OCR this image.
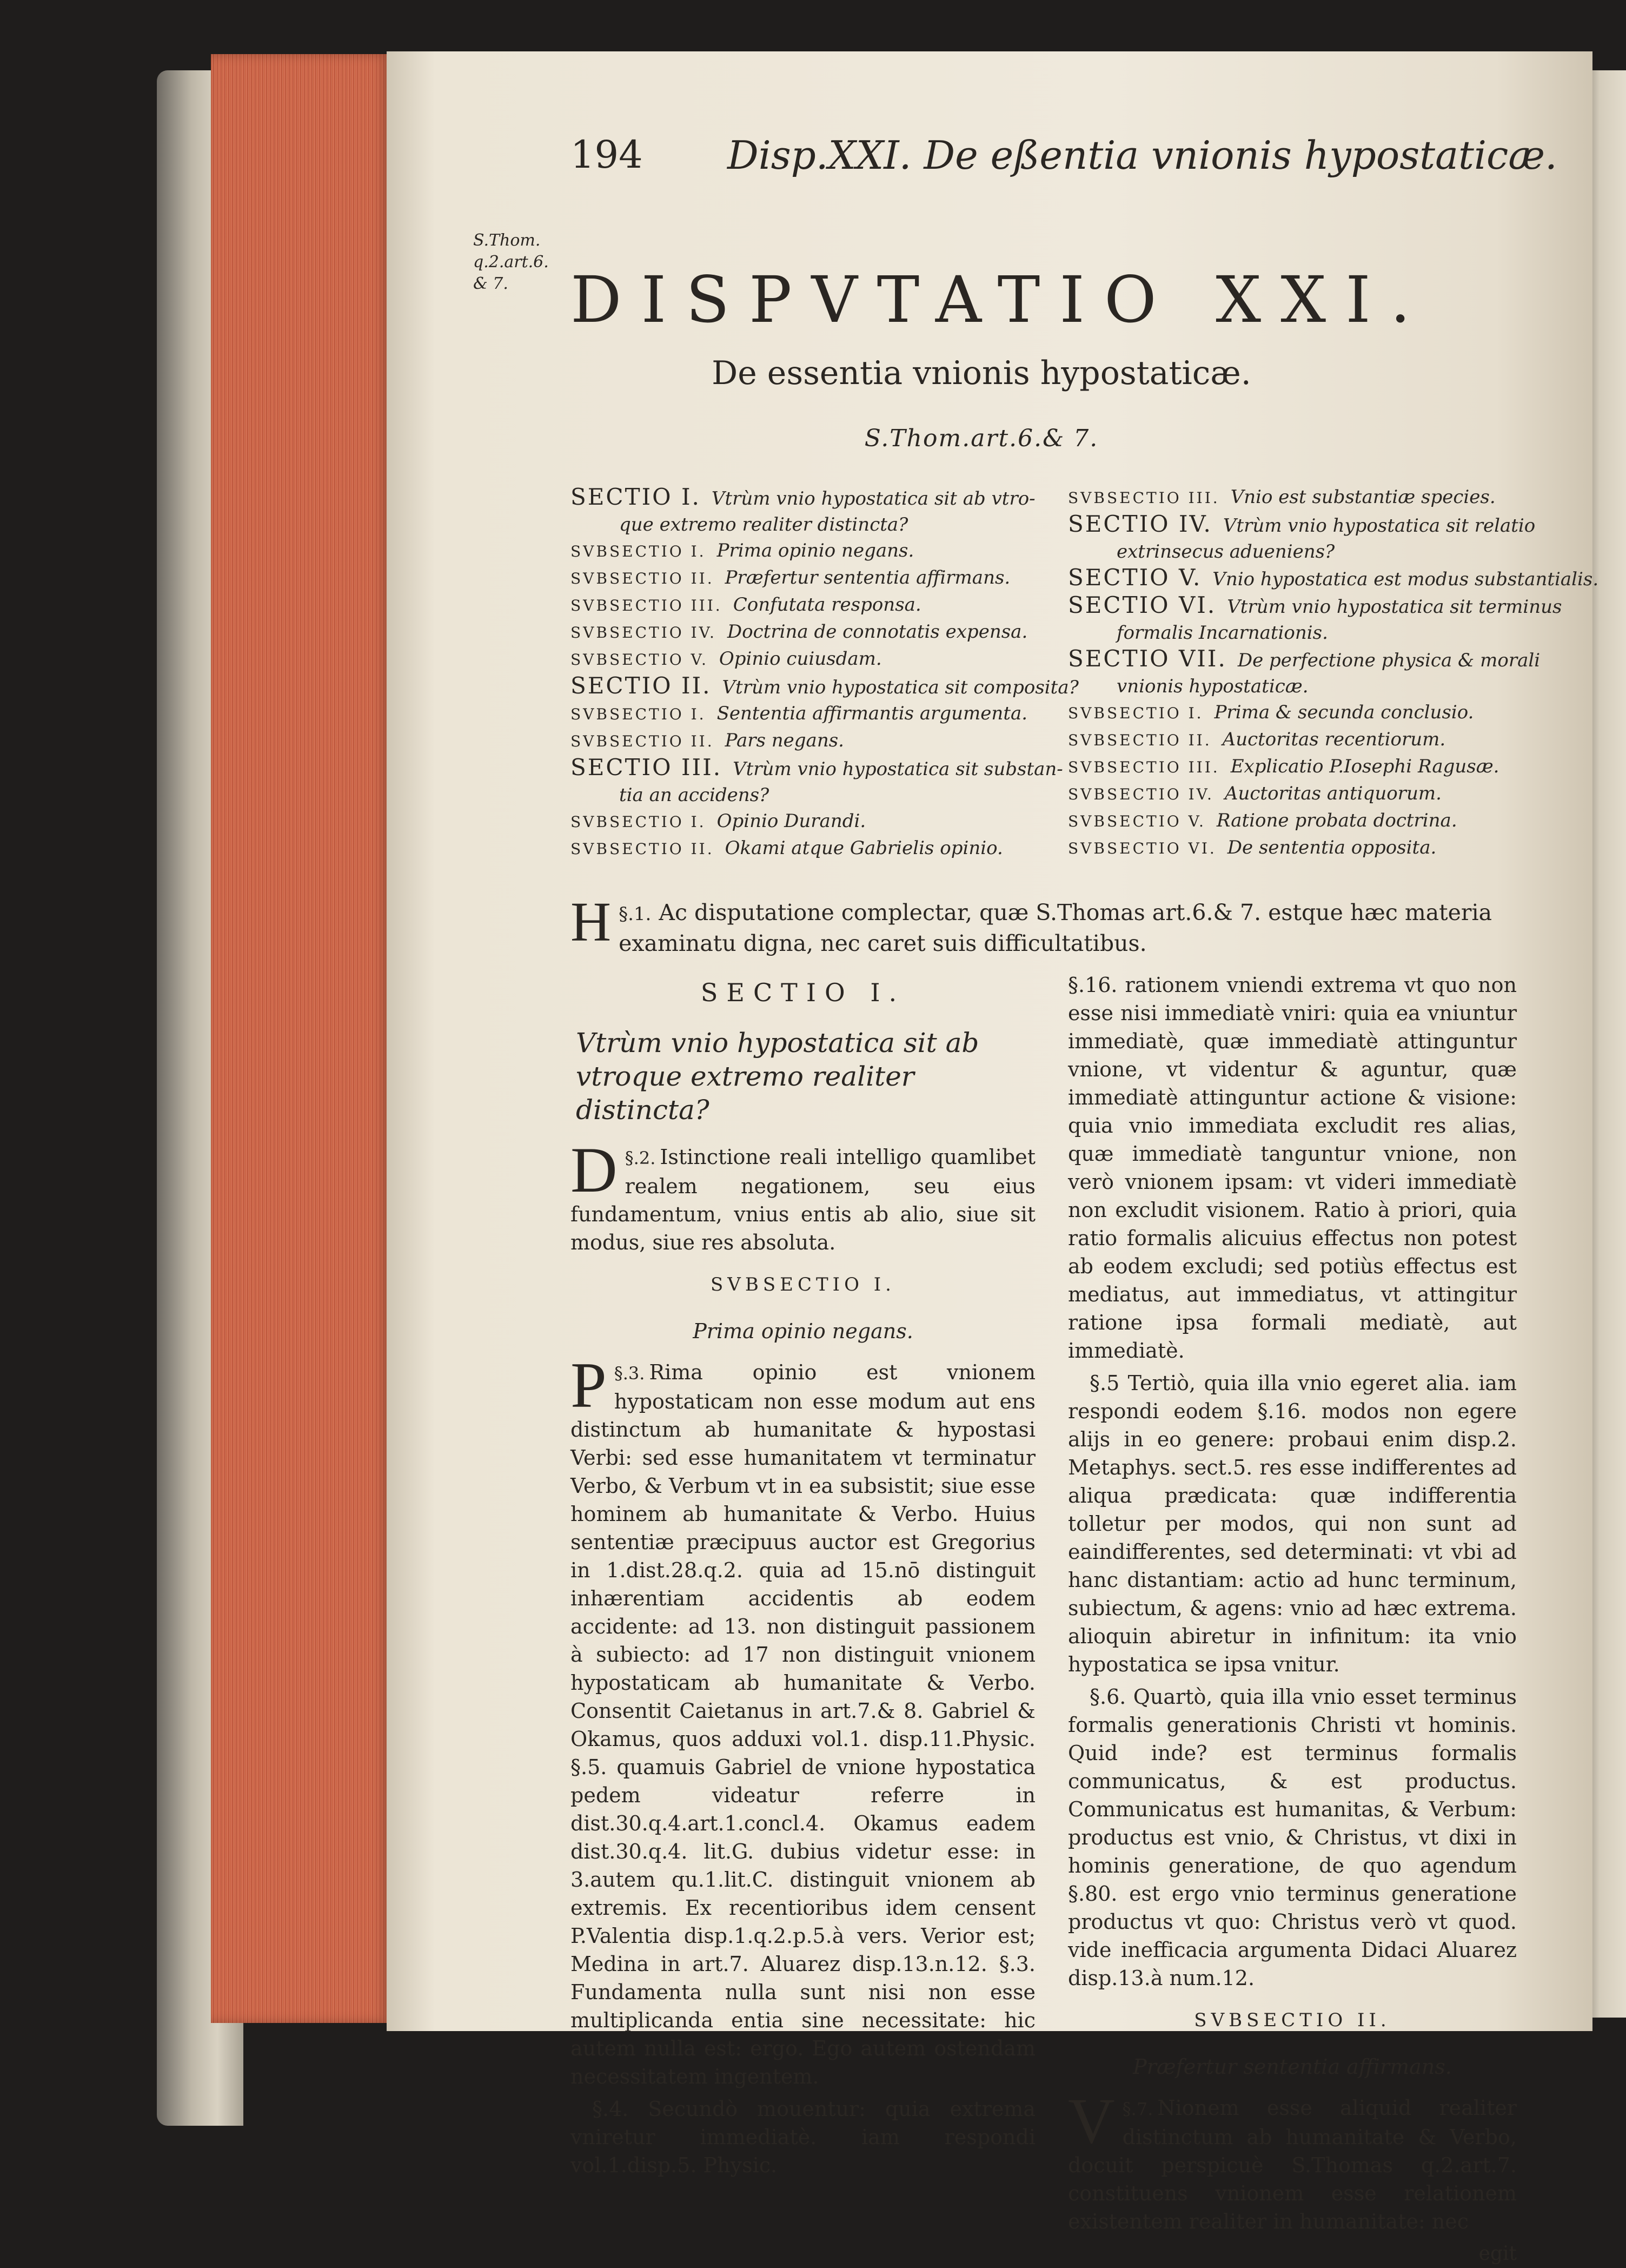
194 Disp.XXI. De eßentia vnionis hypostaticæ.
S.Thom.
q.2.art.6.
& 7. DISPVTATIO XXI.
De essentia vnionis hypostaticæ.
S.Thom.art.6.& 7.
SECTIO I. Vtrùm vnio hypostatica sit ab vtro-
que extremo realiter distincta?
SVBSECTIO I. Prima opinio negans.
SVBSECTIO II. Præfertur sententia affirmans.
SVBSECTIO III. Confutata responsa.
SVBSECTIO IV. Doctrina de connotatis expensa.
SVBSECTIO V. Opinio cuiusdam.
SECTIO II. Vtrùm vnio hypostatica sit composita?
SVBSECTIO I. Sententia affirmantis argumenta.
SVBSECTIO II. Pars negans.
SECTIO III. Vtrùm vnio hypostatica sit substan-
tia an accidens?
SVBSECTIO I. Opinio Durandi.
SVBSECTIO II. Okami atque Gabrielis opinio.
SVBSECTIO III. Vnio est substantiæ species.
SECTIO IV. Vtrùm vnio hypostatica sit relatio
extrinsecus adueniens?
SECTIO V. Vnio hypostatica est modus substantialis.
SECTIO VI. Vtrùm vnio hypostatica sit terminus
formalis Incarnationis.
SECTIO VII. De perfectione physica & morali
vnionis hypostaticæ.
SVBSECTIO I. Prima & secunda conclusio.
SVBSECTIO II. Auctoritas recentiorum.
SVBSECTIO III. Explicatio P.Iosephi Ragusæ.
SVBSECTIO IV. Auctoritas antiquorum.
SVBSECTIO V. Ratione probata doctrina.
SVBSECTIO VI. De sententia opposita.
§.1.
H Ac disputatione complectar, quæ S.Thomas art.6.& 7. estque hæc materia examinatu digna, nec caret suis difficultatibus.
SECTIO I.
Vtrùm vnio hypostatica sit ab vtroque extremo realiter distincta?
§.2.
D Istinctione reali intelligo quamlibet realem negationem, seu eius fundamentum, vnius entis ab alio, siue sit modus, siue res absoluta.
SVBSECTIO I.
Prima opinio negans.
§.3.
P Rima opinio est vnionem hypostaticam non esse modum aut ens distinctum ab humanitate & hypostasi Verbi: sed esse humanitatem vt terminatur Verbo, & Verbum vt in ea subsistit; siue esse hominem ab humanitate & Verbo. Huius sententiæ præcipuus auctor est Gregorius in 1.dist.28.q.2. quia ad 15.nō distinguit inhærentiam accidentis ab eodem accidente: ad 13. non distinguit passionem à subiecto: ad 17 non distinguit vnionem hypostaticam ab humanitate & Verbo. Consentit Caietanus in art.7.& 8. Gabriel & Okamus, quos adduxi vol.1. disp.11.Physic. §.5. quamuis Gabriel de vnione hypostatica pedem videatur referre in dist.30.q.4.art.1.concl.4. Okamus eadem dist.30.q.4. lit.G. dubius videtur esse: in 3.autem qu.1.lit.C. distinguit vnionem ab extremis. Ex recentioribus idem censent P.Valentia disp.1.q.2.p.5.à vers. Verior est; Medina in art.7. Aluarez disp.13.n.12. §.3. Fundamenta nulla sunt nisi non esse multiplicanda entia sine necessitate: hic autem nulla est: ergo. Ego autem ostendam necessitatem ingentem.
§.4. Secundò mouentur: quia extrema vniretur immediatè. iam respondi vol.1.disp.5. Physic.
§.16. rationem vniendi extrema vt quo non esse nisi immediatè vniri: quia ea vniuntur immediatè, quæ immediatè attinguntur vnione, vt videntur & aguntur, quæ immediatè attinguntur actione & visione: quia vnio immediata excludit res alias, quæ immediatè tanguntur vnione, non verò vnionem ipsam: vt videri immediatè non excludit visionem. Ratio à priori, quia ratio formalis alicuius effectus non potest ab eodem excludi; sed potiùs effectus est mediatus, aut immediatus, vt attingitur ratione ipsa formali mediatè, aut immediatè.
§.5 Tertiò, quia illa vnio egeret alia. iam respondi eodem §.16. modos non egere alijs in eo genere: probaui enim disp.2. Metaphys. sect.5. res esse indifferentes ad aliqua prædicata: quæ indifferentia tolletur per modos, qui non sunt ad eaindifferentes, sed determinati: vt vbi ad hanc distantiam: actio ad hunc terminum, subiectum, & agens: vnio ad hæc extrema. alioquin abiretur in infinitum: ita vnio hypostatica se ipsa vnitur.
§.6. Quartò, quia illa vnio esset terminus formalis generationis Christi vt hominis. Quid inde? est terminus formalis communicatus, & est productus. Communicatus est humanitas, & Verbum: productus est vnio, & Christus, vt dixi in hominis generatione, de quo agendum §.80. est ergo vnio terminus generatione productus vt quo: Christus verò vt quod. vide inefficacia argumenta Didaci Aluarez disp.13.à num.12.
SVBSECTIO II.
Præfertur sententia affirmans.
§.7.
V Nionem esse aliquid realiter distinctum ab humanitate & Verbo, docuit perspicuè S.Thomas q.2.art.7. constituens vnionem esse relationem existentem realiter in humanitate: nec
egit
